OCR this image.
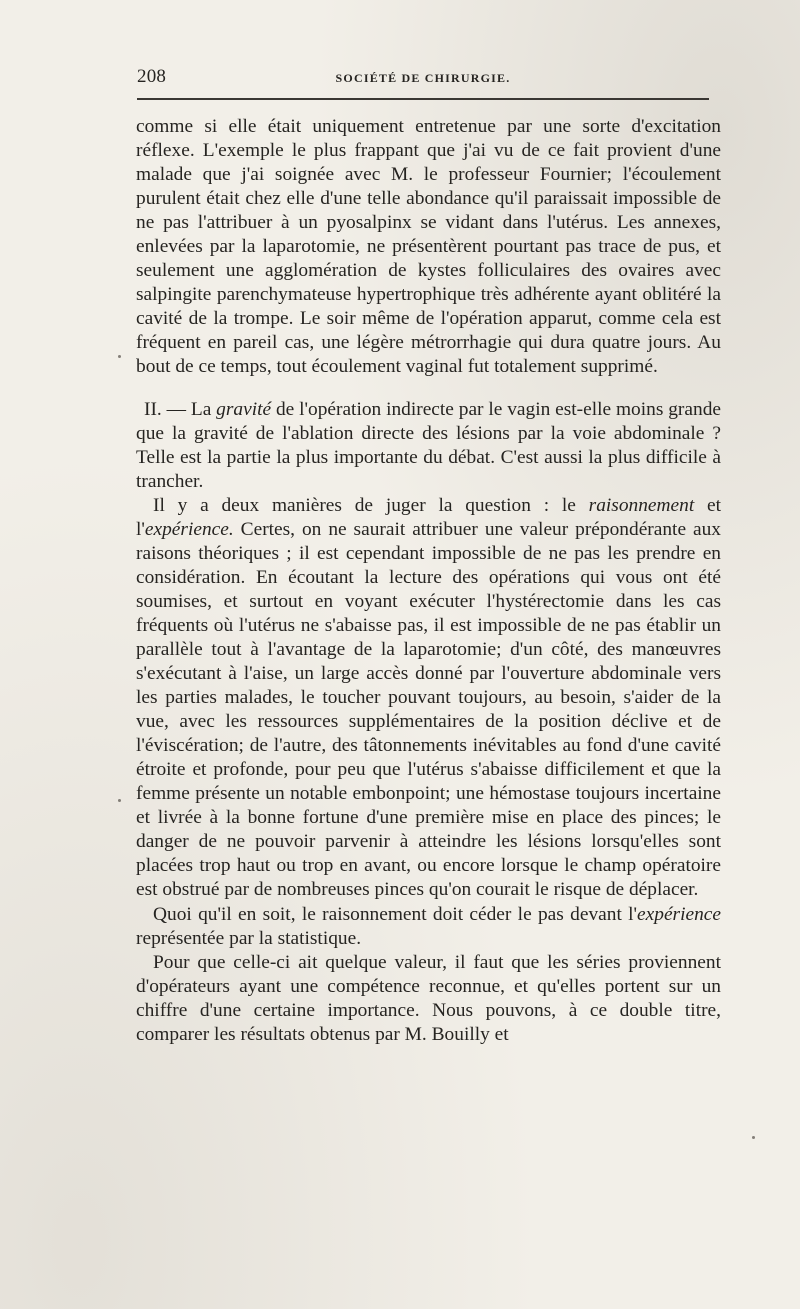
208	SOCIÉTÉ DE CHIRURGIE.

comme si elle était uniquement entretenue par une sorte d'excitation réflexe. L'exemple le plus frappant que j'ai vu de ce fait provient d'une malade que j'ai soignée avec M. le professeur Fournier; l'écoulement purulent était chez elle d'une telle abondance qu'il paraissait impossible de ne pas l'attribuer à un pyosalpinx se vidant dans l'utérus. Les annexes, enlevées par la laparotomie, ne présentèrent pourtant pas trace de pus, et seulement une agglomération de kystes folliculaires des ovaires avec salpingite parenchymateuse hypertrophique très adhérente ayant oblitéré la cavité de la trompe. Le soir même de l'opération apparut, comme cela est fréquent en pareil cas, une légère métrorrhagie qui dura quatre jours. Au bout de ce temps, tout écoulement vaginal fut totalement supprimé.

II. — La gravité de l'opération indirecte par le vagin est-elle moins grande que la gravité de l'ablation directe des lésions par la voie abdominale ? Telle est la partie la plus importante du débat. C'est aussi la plus difficile à trancher.

Il y a deux manières de juger la question : le raisonnement et l'expérience. Certes, on ne saurait attribuer une valeur prépondérante aux raisons théoriques ; il est cependant impossible de ne pas les prendre en considération. En écoutant la lecture des opérations qui vous ont été soumises, et surtout en voyant exécuter l'hystérectomie dans les cas fréquents où l'utérus ne s'abaisse pas, il est impossible de ne pas établir un parallèle tout à l'avantage de la laparotomie; d'un côté, des manœuvres s'exécutant à l'aise, un large accès donné par l'ouverture abdominale vers les parties malades, le toucher pouvant toujours, au besoin, s'aider de la vue, avec les ressources supplémentaires de la position déclive et de l'éviscération; de l'autre, des tâtonnements inévitables au fond d'une cavité étroite et profonde, pour peu que l'utérus s'abaisse difficilement et que la femme présente un notable embonpoint; une hémostase toujours incertaine et livrée à la bonne fortune d'une première mise en place des pinces; le danger de ne pouvoir parvenir à atteindre les lésions lorsqu'elles sont placées trop haut ou trop en avant, ou encore lorsque le champ opératoire est obstrué par de nombreuses pinces qu'on courait le risque de déplacer.

Quoi qu'il en soit, le raisonnement doit céder le pas devant l'expérience représentée par la statistique.

Pour que celle-ci ait quelque valeur, il faut que les séries proviennent d'opérateurs ayant une compétence reconnue, et qu'elles portent sur un chiffre d'une certaine importance. Nous pouvons, à ce double titre, comparer les résultats obtenus par M. Bouilly et
